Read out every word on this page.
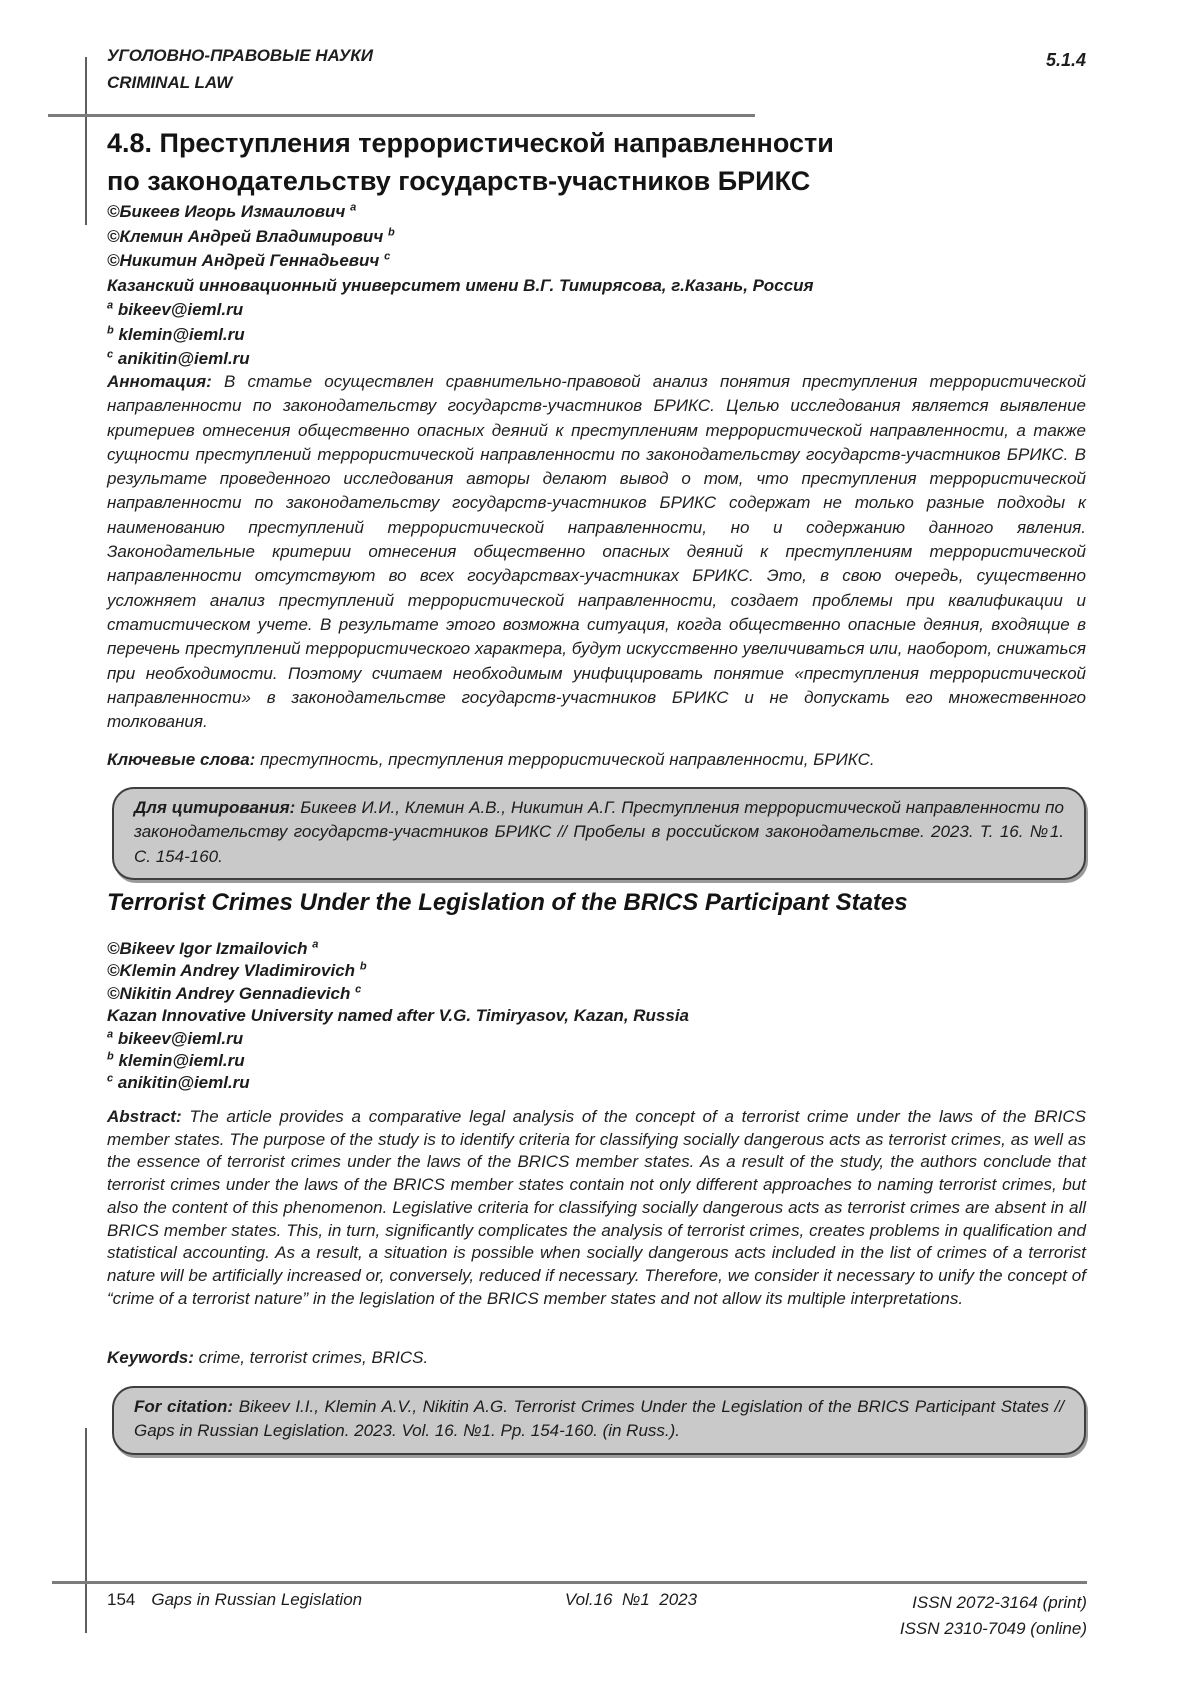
УГОЛОВНО-ПРАВОВЫЕ НАУКИ
CRIMINAL LAW
5.1.4
4.8. Преступления террористической направленности
по законодательству государств-участников БРИКС
©Бикеев Игорь Измаилович $^a$
©Клемин Андрей Владимирович $^b$
©Никитин Андрей Геннадьевич $^c$
Казанский инновационный университет имени В.Г. Тимирясова, г.Казань, Россия
$^a$ bikeev@ieml.ru
$^b$ klemin@ieml.ru
$^c$ anikitin@ieml.ru

Аннотация: В статье осуществлен сравнительно-правовой анализ понятия преступления террористической направленности по законодательству государств-участников БРИКС. Целью исследования является выявление критериев отнесения общественно опасных деяний к преступлениям террористической направленности, а также сущности преступлений террористической направленности по законодательству государств-участников БРИКС. В результате проведенного исследования авторы делают вывод о том, что преступления террористической направленности по законодательству государств-участников БРИКС содержат не только разные подходы к наименованию преступлений террористической направленности, но и содержанию данного явления. Законодательные критерии отнесения общественно опасных деяний к преступлениям террористической направленности отсутствуют во всех государствах-участниках БРИКС. Это, в свою очередь, существенно усложняет анализ преступлений террористической направленности, создает проблемы при квалификации и статистическом учете. В результате этого возможна ситуация, когда общественно опасные деяния, входящие в перечень преступлений террористического характера, будут искусственно увеличиваться или, наоборот, снижаться при необходимости. Поэтому считаем необходимым унифицировать понятие «преступления террористической направленности» в законодательстве государств-участников БРИКС и не допускать его множественного толкования.

Ключевые слова: преступность, преступления террористической направленности, БРИКС.
Для цитирования: Бикеев И.И., Клемин А.В., Никитин А.Г. Преступления террористической направленности по законодательству государств-участников БРИКС // Пробелы в российском законодательстве. 2023. Т. 16. №1. С. 154-160.
Terrorist Crimes Under the Legislation of the BRICS Participant States
©Bikeev Igor Izmailovich $^a$
©Klemin Andrey Vladimirovich $^b$
©Nikitin Andrey Gennadievich $^c$
Kazan Innovative University named after V.G. Timiryasov, Kazan, Russia
$^a$ bikeev@ieml.ru
$^b$ klemin@ieml.ru
$^c$ anikitin@ieml.ru

Abstract: The article provides a comparative legal analysis of the concept of a terrorist crime under the laws of the BRICS member states. The purpose of the study is to identify criteria for classifying socially dangerous acts as terrorist crimes, as well as the essence of terrorist crimes under the laws of the BRICS member states. As a result of the study, the authors conclude that terrorist crimes under the laws of the BRICS member states contain not only different approaches to naming terrorist crimes, but also the content of this phenomenon. Legislative criteria for classifying socially dangerous acts as terrorist crimes are absent in all BRICS member states. This, in turn, significantly complicates the analysis of terrorist crimes, creates problems in qualification and statistical accounting. As a result, a situation is possible when socially dangerous acts included in the list of crimes of a terrorist nature will be artificially increased or, conversely, reduced if necessary. Therefore, we consider it necessary to unify the concept of “crime of a terrorist nature” in the legislation of the BRICS member states and not allow its multiple interpretations.

Keywords: crime, terrorist crimes, BRICS.
For citation: Bikeev I.I., Klemin A.V., Nikitin A.G. Terrorist Crimes Under the Legislation of the BRICS Participant States // Gaps in Russian Legislation. 2023. Vol. 16. №1. Pp. 154-160. (in Russ.).
154 Gaps in Russian Legislation	Vol.16  №1  2023	ISSN 2072-3164 (print)
ISSN 2310-7049 (online)
